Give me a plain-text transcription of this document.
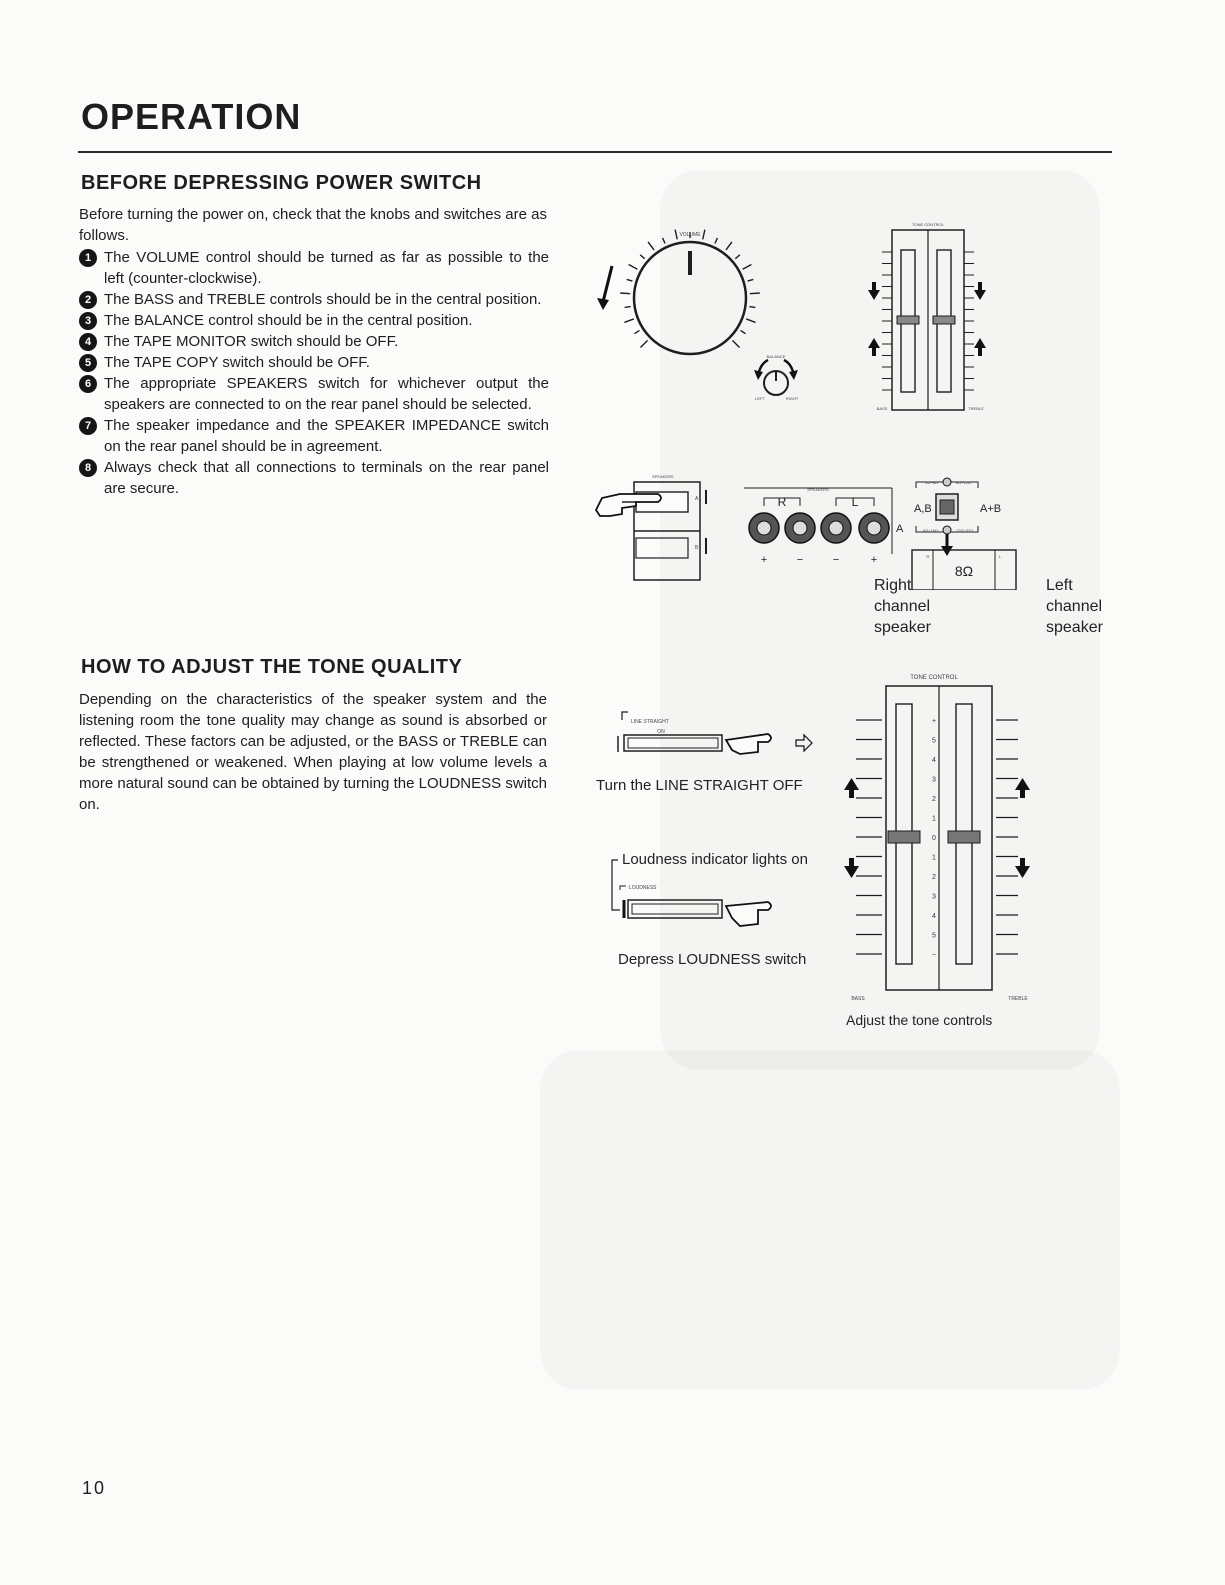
OPERATION
BEFORE DEPRESSING POWER SWITCH

Before turning the power on, check that the knobs and switches are as follows.

1 The VOLUME control should be turned as far as possible to the left (counter-clockwise).
2 The BASS and TREBLE controls should be in the central position.
3 The BALANCE control should be in the central position.
4 The TAPE MONITOR switch should be OFF.
5 The TAPE COPY switch should be OFF.
6 The appropriate SPEAKERS switch for whichever output the speakers are connected to on the rear panel should be selected.
7 The speaker impedance and the SPEAKER IMPEDANCE switch on the rear panel should be in agreement.
8 Always check that all connections to terminals on the rear panel are secure.
HOW TO ADJUST THE TONE QUALITY

Depending on the characteristics of the speaker system and the listening room the tone quality may change as sound is absorbed or reflected. These factors can be adjusted, or the BASS or TREBLE can be strengthened or weakened. When playing at low volume levels a more natural sound can be obtained by turning the LOUDNESS switch on.

VOLUME
BALANCE
LEFT	RIGHT
TONE CONTROL
BASS	TREBLE
SPEAKERS
A
B
SPEAKERS
R	L
A
+	−	−	+
4Ω~8Ω	8Ω~12Ω
6Ω~16Ω	12Ω~32Ω
A,B	A+B
R	L
8Ω
Right
channel
speaker
Left
channel
speaker
LINE STRAIGHT
ON
LOUDNESS
+
5
4
3
2
1
0
1
2
3
4
5
−
TONE CONTROL
BASS	TREBLE
Turn the LINE STRAIGHT OFF
Loudness indicator lights on
Depress LOUDNESS switch
Adjust the tone controls
10
